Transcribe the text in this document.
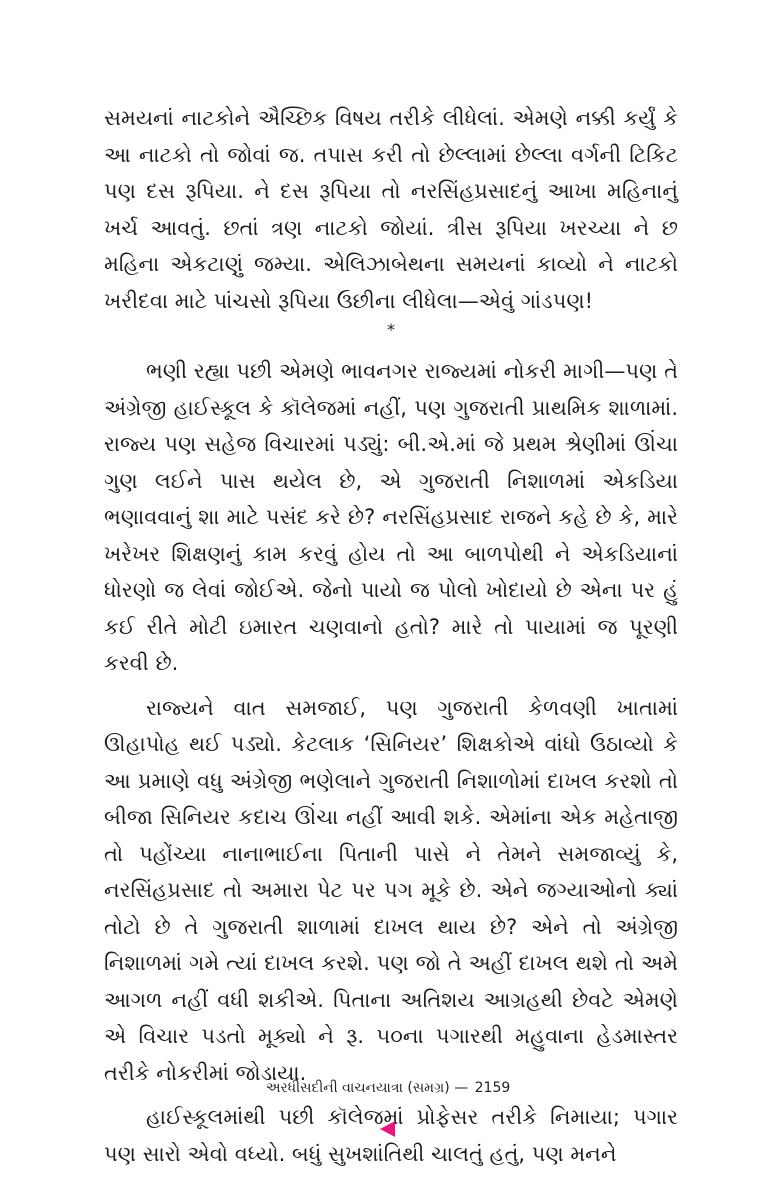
સમયનાં નાટકોને ઐચ્છિક વિષય તરીકે લીધેલાં. એમણે નક્કી કર્યું કે આ નાટકો તો જોવાં જ. તપાસ કરી તો છેલ્લામાં છેલ્લા વર્ગની ટિકિટ પણ દસ રૂપિયા. ને દસ રૂપિયા તો નરસિંહપ્રસાદનું આખા મહિનાનું ખર્ચ આવતું. છતાં ત્રણ નાટકો જોયાં. ત્રીસ રૂપિયા ખરચ્યા ને છ મહિના એકટાણું જમ્યા. એલિઝાબેથના સમયનાં કાવ્યો ને નાટકો ખરીદવા માટે પાંચસો રૂપિયા ઉછીના લીધેલા—એવું ગાંડપણ!

*

ભણી રહ્યા પછી એમણે ભાવનગર રાજ્યમાં નોકરી માગી—પણ તે અંગ્રેજી હાઈસ્કૂલ કે કૉલેજમાં નહીં, પણ ગુજરાતી પ્રાથમિક શાળામાં. રાજ્ય પણ સહેજ વિચારમાં પડ્યું: બી.એ.માં જે પ્રથમ શ્રેણીમાં ઊંચા ગુણ લઈને પાસ થયેલ છે, એ ગુજરાતી નિશાળમાં એકડિયા ભણાવવાનું શા માટે પસંદ કરે છે? નરસિંહપ્રસાદ રાજને કહે છે કે, મારે ખરેખર શિક્ષણનું કામ કરવું હોય તો આ બાળપોથી ને એકડિયાનાં ધોરણો જ લેવાં જોઈએ. જેનો પાયો જ પોલો ખોદાયો છે એના પર હું કઈ રીતે મોટી ઇમારત ચણવાનો હતો? મારે તો પાયામાં જ પૂરણી કરવી છે.

રાજ્યને વાત સમજાઈ, પણ ગુજરાતી કેળવણી ખાતામાં ઊહાપોહ થઈ પડ્યો. કેટલાક ‘સિનિયર’ શિક્ષકોએ વાંધો ઉઠાવ્યો કે આ પ્રમાણે વધુ અંગ્રેજી ભણેલાને ગુજરાતી નિશાળોમાં દાખલ કરશો તો બીજા સિનિયર કદાચ ઊંચા નહીં આવી શકે. એમાંના એક મહેતાજી તો પહોંચ્યા નાનાભાઈના પિતાની પાસે ને તેમને સમજાવ્યું કે, નરસિંહપ્રસાદ તો અમારા પેટ પર પગ મૂકે છે. એને જગ્યાઓનો ક્યાં તોટો છે તે ગુજરાતી શાળામાં દાખલ થાય છે? એને તો અંગ્રેજી નિશાળમાં ગમે ત્યાં દાખલ કરશે. પણ જો તે અહીં દાખલ થશે તો અમે આગળ નહીં વધી શકીએ. પિતાના અતિશય આગ્રહથી છેવટે એમણે એ વિચાર પડતો મૂક્યો ને રૂ. ૫૦ના પગારથી મહુવાના હેડમાસ્તર તરીકે નોકરીમાં જોડાયા.

હાઈસ્કૂલમાંથી પછી કૉલેજમાં પ્રોફેસર તરીકે નિમાયા; પગાર પણ સારો એવો વધ્યો. બધું સુખશાંતિથી ચાલતું હતું, પણ મનને

અરધીસદીની વાચનયાત્રા (સમગ્ર) — 2159
